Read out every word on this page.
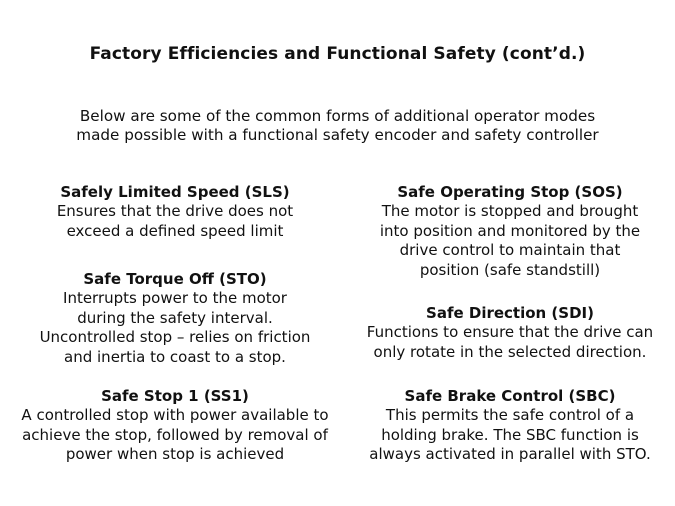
Factory Efficiencies and Functional Safety (cont’d.)
Below are some of the common forms of additional operator modes
made possible with a functional safety encoder and safety controller
Safely Limited Speed (SLS)
Ensures that the drive does not
exceed a defined speed limit
Safe Torque Off (STO)
Interrupts power to the motor
during the safety interval.
Uncontrolled stop – relies on friction
and inertia to coast to a stop.
Safe Stop 1 (SS1)
A controlled stop with power available to
achieve the stop, followed by removal of
power when stop is achieved
Safe Operating Stop (SOS)
The motor is stopped and brought
into position and monitored by the
drive control to maintain that
position (safe standstill)
Safe Direction (SDI)
Functions to ensure that the drive can
only rotate in the selected direction.
Safe Brake Control (SBC)
This permits the safe control of a
holding brake. The SBC function is
always activated in parallel with STO.
